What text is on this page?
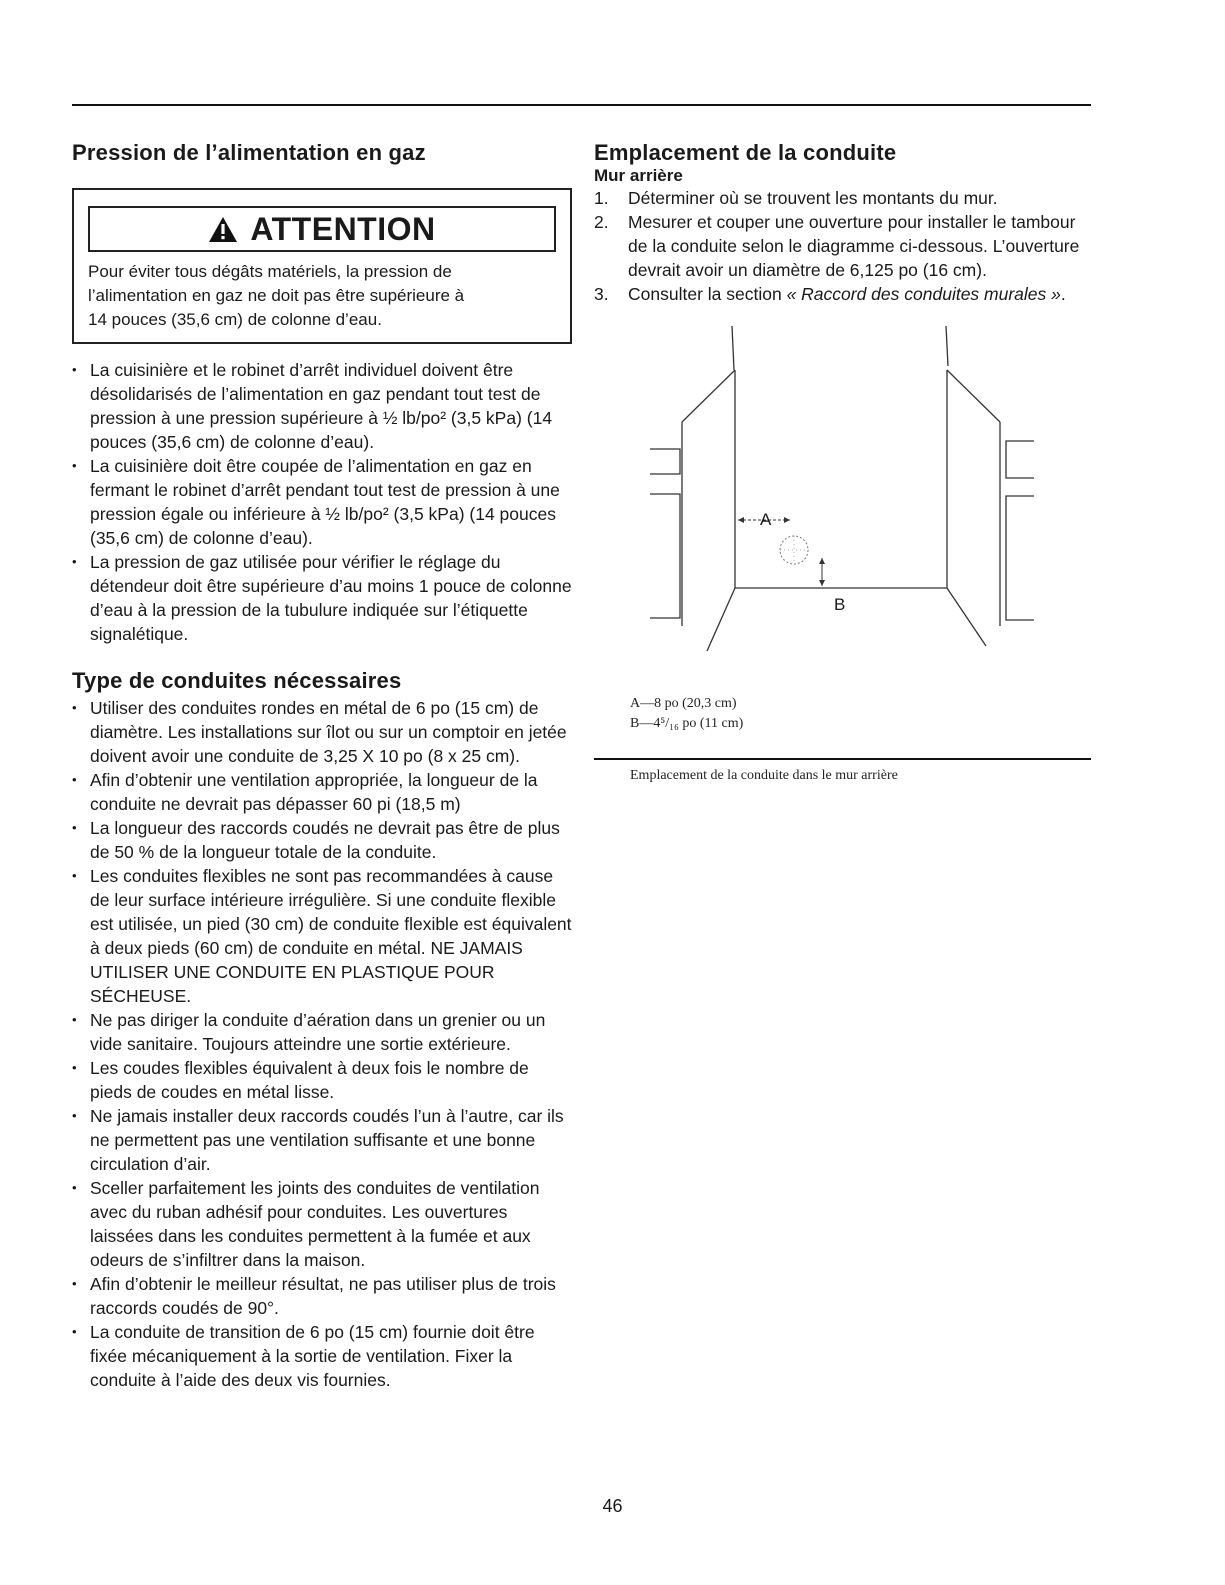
Pression de l’alimentation en gaz
ATTENTION

Pour éviter tous dégâts matériels, la pression de
l’alimentation en gaz ne doit pas être supérieure à
14 pouces (35,6 cm) de colonne d’eau.

• La cuisinière et le robinet d’arrêt individuel doivent être désolidarisés de l’alimentation en gaz pendant tout test de pression à une pression supérieure à ½ lb/po² (3,5 kPa) (14 pouces (35,6 cm) de colonne d’eau).
• La cuisinière doit être coupée de l’alimentation en gaz en fermant le robinet d’arrêt pendant tout test de pression à une pression égale ou inférieure à ½ lb/po² (3,5 kPa) (14 pouces (35,6 cm) de colonne d’eau).
• La pression de gaz utilisée pour vérifier le réglage du détendeur doit être supérieure d’au moins 1 pouce de colonne d’eau à la pression de la tubulure indiquée sur l’étiquette signalétique.
Type de conduites nécessaires
• Utiliser des conduites rondes en métal de 6 po (15 cm) de diamètre. Les installations sur îlot ou sur un comptoir en jetée doivent avoir une conduite de 3,25 X 10 po (8 x 25 cm).
• Afin d’obtenir une ventilation appropriée, la longueur de la conduite ne devrait pas dépasser 60 pi (18,5 m)
• La longueur des raccords coudés ne devrait pas être de plus de 50 % de la longueur totale de la conduite.
• Les conduites flexibles ne sont pas recommandées à cause de leur surface intérieure irrégulière. Si une conduite flexible est utilisée, un pied (30 cm) de conduite flexible est équivalent à deux pieds (60 cm) de conduite en métal. NE JAMAIS UTILISER UNE CONDUITE EN PLASTIQUE POUR SÉCHEUSE.
• Ne pas diriger la conduite d’aération dans un grenier ou un vide sanitaire. Toujours atteindre une sortie extérieure.
• Les coudes flexibles équivalent à deux fois le nombre de pieds de coudes en métal lisse.
• Ne jamais installer deux raccords coudés l’un à l’autre, car ils ne permettent pas une ventilation suffisante et une bonne circulation d’air.
• Sceller parfaitement les joints des conduites de ventilation avec du ruban adhésif pour conduites. Les ouvertures laissées dans les conduites permettent à la fumée et aux odeurs de s’infiltrer dans la maison.
• Afin d’obtenir le meilleur résultat, ne pas utiliser plus de trois raccords coudés de 90°.
• La conduite de transition de 6 po (15 cm) fournie doit être fixée mécaniquement à la sortie de ventilation. Fixer la conduite à l’aide des deux vis fournies.
Emplacement de la conduite
Mur arrière
1. Déterminer où se trouvent les montants du mur.
2. Mesurer et couper une ouverture pour installer le tambour de la conduite selon le diagramme ci-dessous. L’ouverture devrait avoir un diamètre de 6,125 po (16 cm).
3. Consulter la section « Raccord des conduites murales ».
A
B
A—8 po (20,3 cm)
B—4⁵/₁₆ po (11 cm)
Emplacement de la conduite dans le mur arrière
46
